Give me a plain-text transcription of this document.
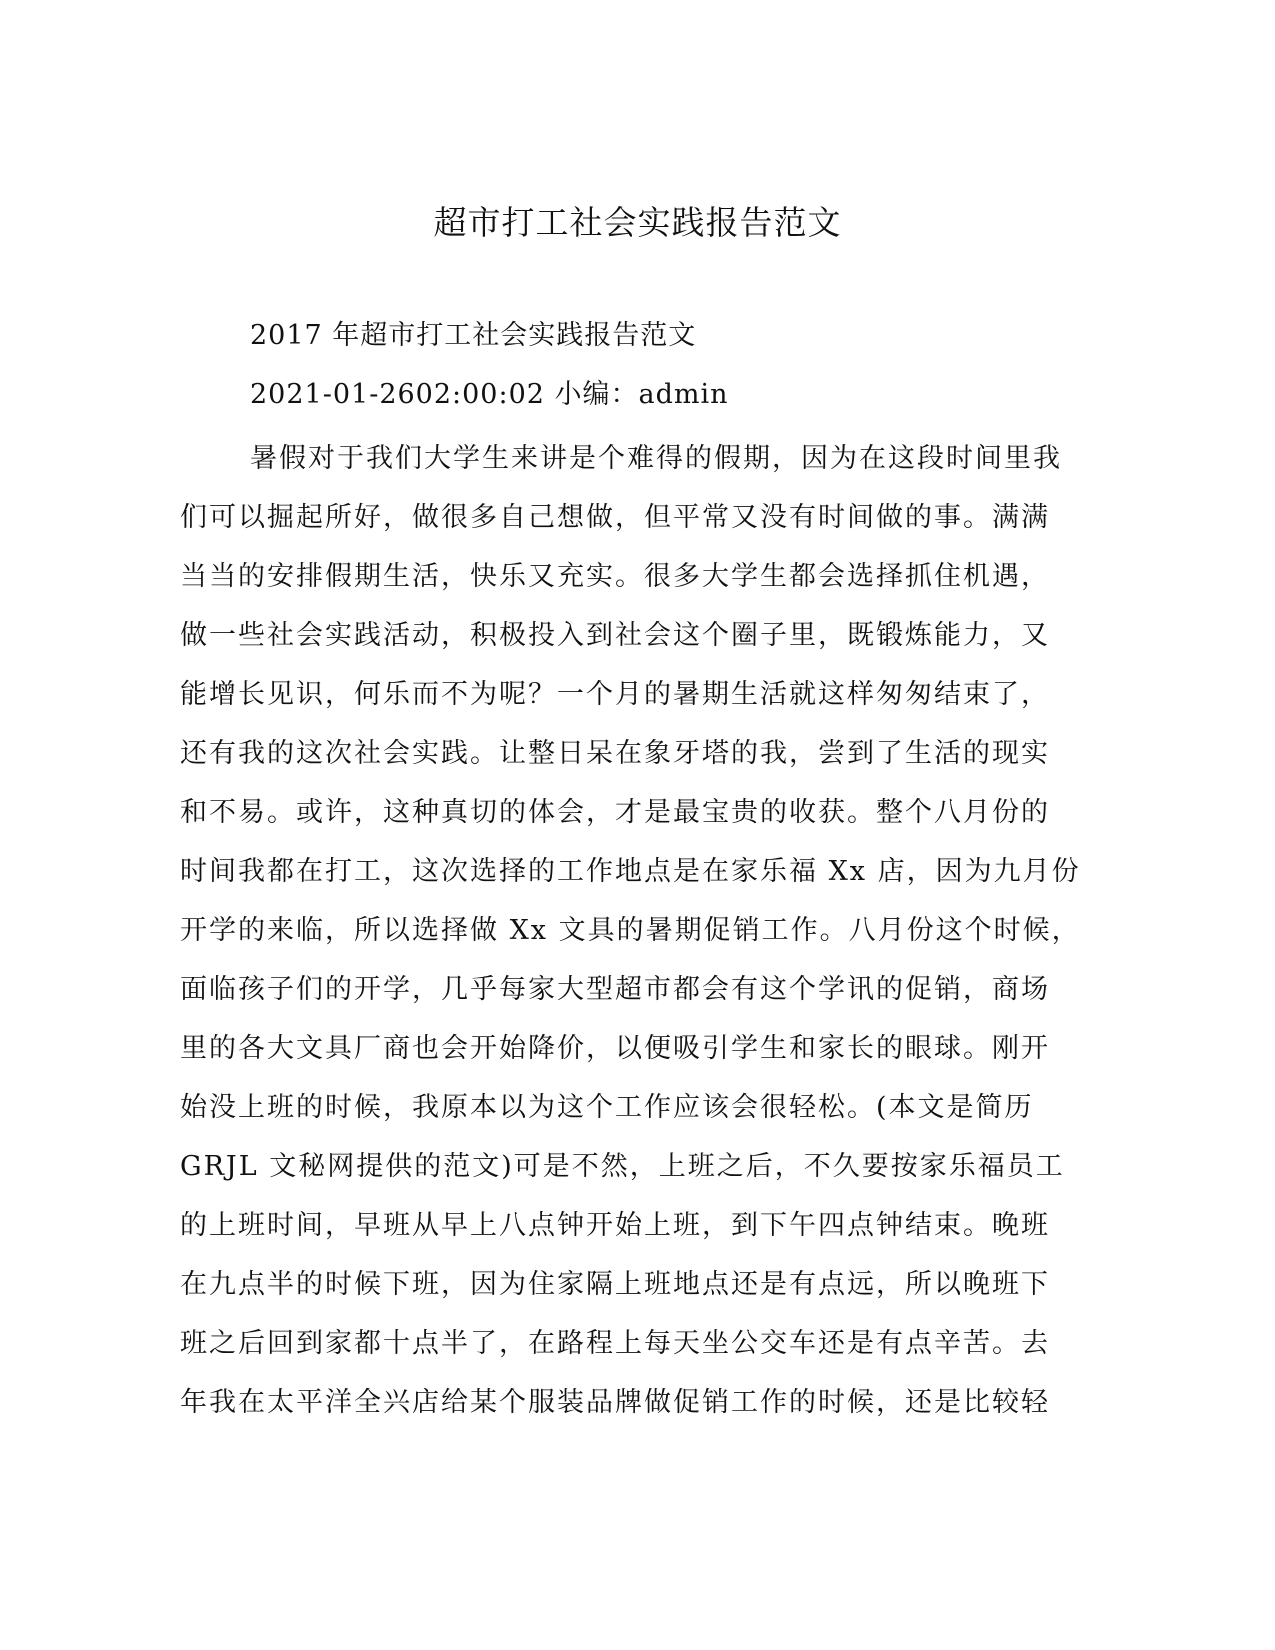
超市打工社会实践报告范文
2017 年超市打工社会实践报告范文
2021-01-2602:00:02 小编：admin
暑假对于我们大学生来讲是个难得的假期，因为在这段时间里我
们可以掘起所好，做很多自己想做，但平常又没有时间做的事。满满
当当的安排假期生活，快乐又充实。很多大学生都会选择抓住机遇，
做一些社会实践活动，积极投入到社会这个圈子里，既锻炼能力，又
能增长见识，何乐而不为呢？一个月的暑期生活就这样匆匆结束了，
还有我的这次社会实践。让整日呆在象牙塔的我，尝到了生活的现实
和不易。或许，这种真切的体会，才是最宝贵的收获。整个八月份的
时间我都在打工，这次选择的工作地点是在家乐福 Xx 店，因为九月份
开学的来临，所以选择做 Xx 文具的暑期促销工作。八月份这个时候，
面临孩子们的开学，几乎每家大型超市都会有这个学讯的促销，商场
里的各大文具厂商也会开始降价，以便吸引学生和家长的眼球。刚开
始没上班的时候，我原本以为这个工作应该会很轻松。(本文是简历
GRJL 文秘网提供的范文)可是不然，上班之后，不久要按家乐福员工
的上班时间，早班从早上八点钟开始上班，到下午四点钟结束。晚班
在九点半的时候下班，因为住家隔上班地点还是有点远，所以晚班下
班之后回到家都十点半了，在路程上每天坐公交车还是有点辛苦。去
年我在太平洋全兴店给某个服装品牌做促销工作的时候，还是比较轻
